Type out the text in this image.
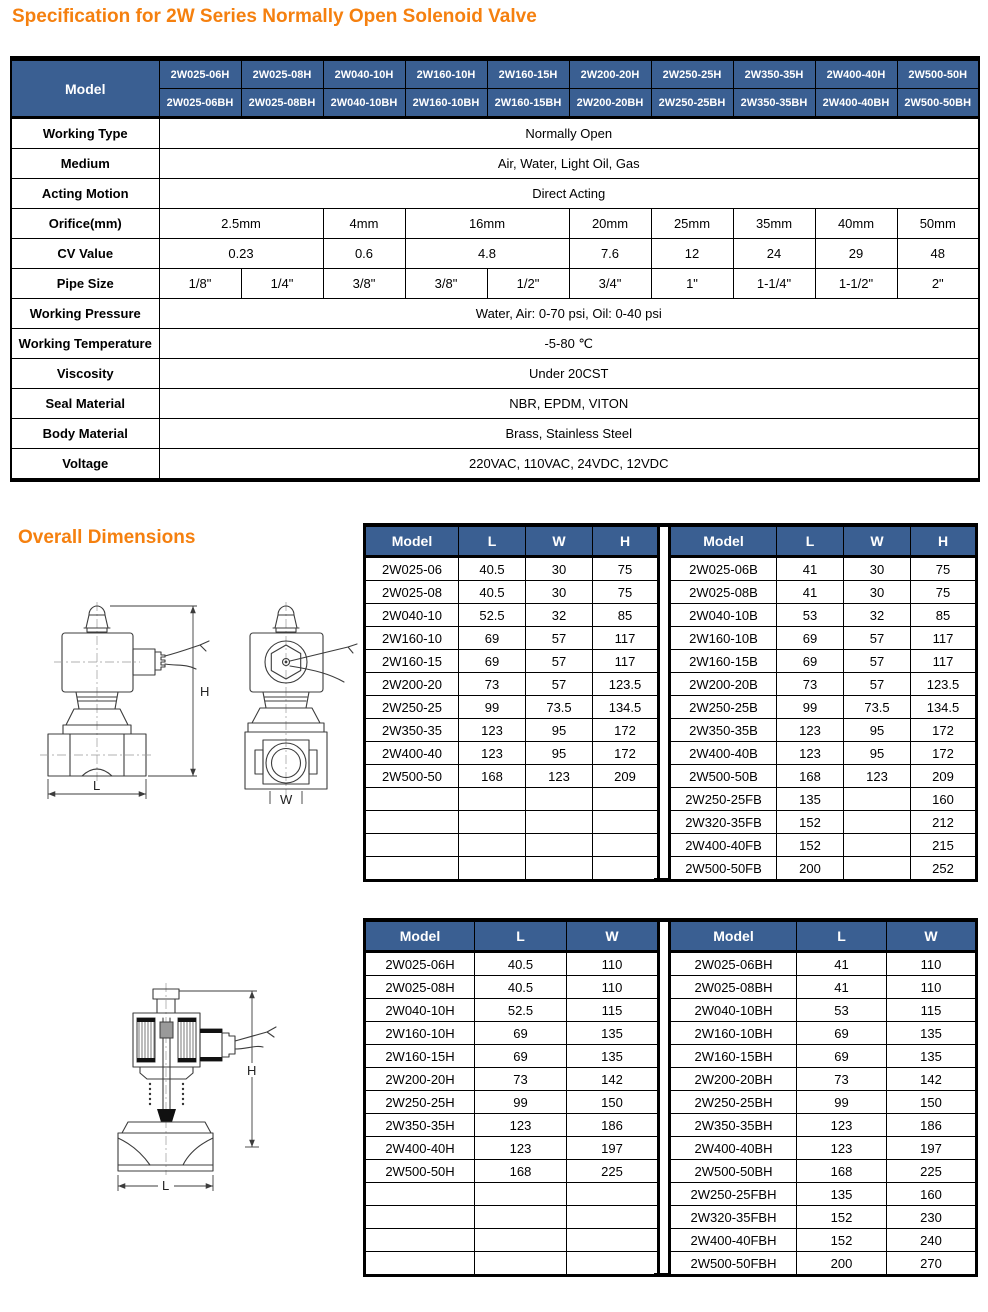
Specification for 2W Series Normally Open Solenoid Valve
Overall Dimensions
Model	2W025-06H	2W025-08H	2W040-10H	2W160-10H	2W160-15H	2W200-20H	2W250-25H	2W350-35H	2W400-40H	2W500-50H
	2W025-06BH	2W025-08BH	2W040-10BH	2W160-10BH	2W160-15BH	2W200-20BH	2W250-25BH	2W350-35BH	2W400-40BH	2W500-50BH
Working Type	Normally Open									
Medium	Air, Water, Light Oil, Gas									
Acting Motion	Direct Acting									
Orifice(mm)	2.5mm		4mm	16mm		20mm	25mm	35mm	40mm	50mm
CV Value	0.23		0.6	4.8		7.6	12	24	29	48
Pipe Size	1/8"	1/4"	3/8"	3/8"	1/2"	3/4"	1"	1-1/4"	1-1/2"	2"
Working Pressure	Water, Air: 0-70 psi, Oil: 0-40 psi									
Working Temperature	-5-80 ℃									
Viscosity	Under 20CST									
Seal Material	NBR, EPDM, VITON									
Body Material	Brass, Stainless Steel									
Voltage	220VAC, 110VAC, 24VDC, 12VDC									
H
L
W
L
H
Model	L	W	H
2W025-06	40.5	30	75
2W025-08	40.5	30	75
2W040-10	52.5	32	85
2W160-10	69	57	117
2W160-15	69	57	117
2W200-20	73	57	123.5
2W250-25	99	73.5	134.5
2W350-35	123	95	172
2W400-40	123	95	172
2W500-50	168	123	209

Model	L	W	H
2W025-06B	41	30	75
2W025-08B	41	30	75
2W040-10B	53	32	85
2W160-10B	69	57	117
2W160-15B	69	57	117
2W200-20B	73	57	123.5
2W250-25B	99	73.5	134.5
2W350-35B	123	95	172
2W400-40B	123	95	172
2W500-50B	168	123	209
2W250-25FB	135		160
2W320-35FB	152		212
2W400-40FB	152		215
2W500-50FB	200		252
Model	L	W
2W025-06H	40.5	110
2W025-08H	40.5	110
2W040-10H	52.5	115
2W160-10H	69	135
2W160-15H	69	135
2W200-20H	73	142
2W250-25H	99	150
2W350-35H	123	186
2W400-40H	123	197
2W500-50H	168	225

Model	L	W
2W025-06BH	41	110
2W025-08BH	41	110
2W040-10BH	53	115
2W160-10BH	69	135
2W160-15BH	69	135
2W200-20BH	73	142
2W250-25BH	99	150
2W350-35BH	123	186
2W400-40BH	123	197
2W500-50BH	168	225
2W250-25FBH	135	160
2W320-35FBH	152	230
2W400-40FBH	152	240
2W500-50FBH	200	270
